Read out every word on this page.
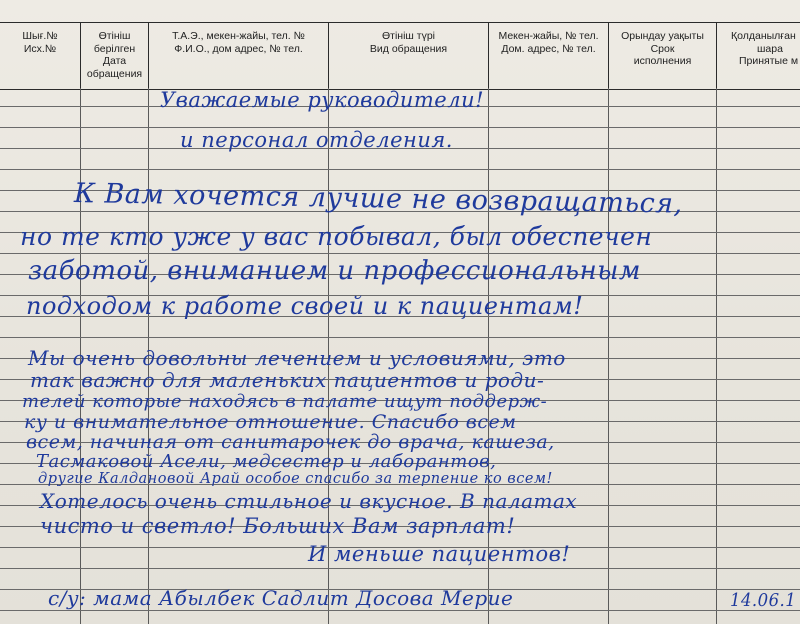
Шығ.№
Исх.№
Өтініш
берілген
Дата
обращения
Т.А.Э., мекен-жайы, тел. №
Ф.И.О., дом адрес, № тел.
Өтініш түрі
Вид обращения
Мекен-жайы, № тел.
Дом. адрес, № тел.
Орындау уақыты
Срок
исполнения
Қолданылған
шара
Принятые м
Уважаемые руководители!
и персонал отделения.
К Вам хочется лучше не возвращаться,
но те кто уже у вас побывал, был обеспечен
заботой, вниманием и профессиональным
подходом к работе своей и к пациентам!
Мы очень довольны лечением и условиями, это
так важно для маленьких пациентов и роди-
телей которые находясь в палате ищут поддерж-
ку и внимательное отношение. Спасибо всем
всем, начиная от санитарочек до врача, кашеза,
Тасмаковой Асели, медсестер и лаборантов,
другие Калдановой Арай особое спасибо за терпение ко всем!
Хотелось очень стильное и вкусное. В палатах
чисто и светло! Больших Вам зарплат!
И меньше пациентов!
с/у: мама Абылбек Садлит Досова Мерие	14.06.1
